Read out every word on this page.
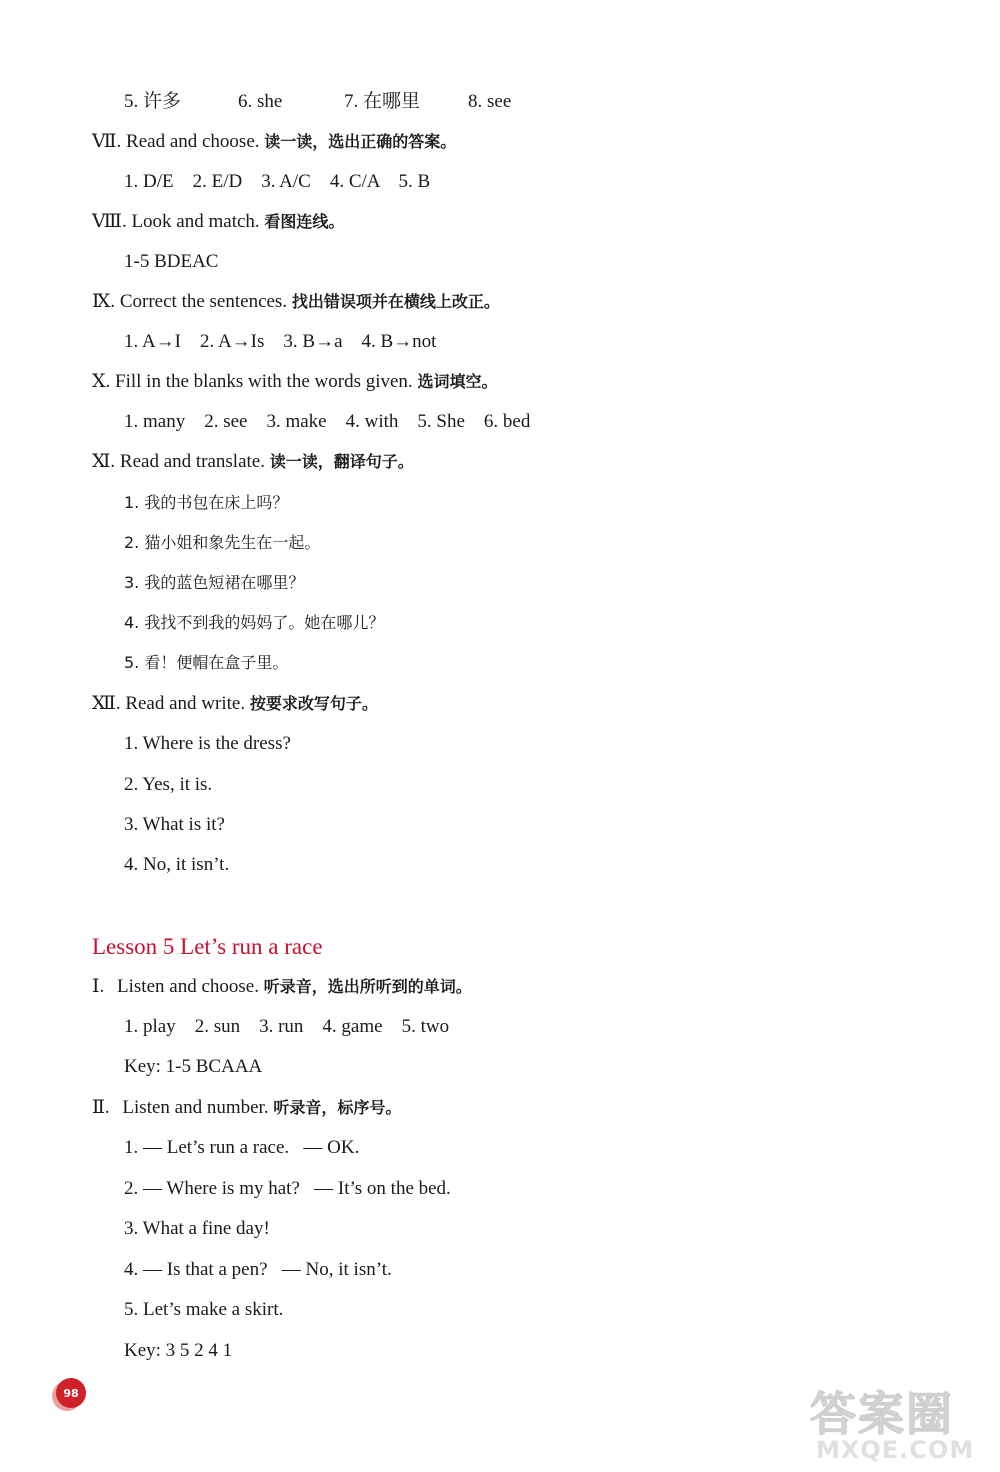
5. 许多	6. she	7. 在哪里	8. see
Ⅶ. Read and choose. 读一读，选出正确的答案。
1. D/E    2. E/D    3. A/C    4. C/A    5. B
Ⅷ. Look and match. 看图连线。
1-5 BDEAC
Ⅸ. Correct the sentences. 找出错误项并在横线上改正。
1. A→I    2. A→Is    3. B→a    4. B→not
Ⅹ. Fill in the blanks with the words given. 选词填空。
1. many    2. see    3. make    4. with    5. She    6. bed
Ⅺ. Read and translate. 读一读，翻译句子。
1. 我的书包在床上吗？
2. 猫小姐和象先生在一起。
3. 我的蓝色短裙在哪里？
4. 我找不到我的妈妈了。她在哪儿？
5. 看！便帽在盒子里。
Ⅻ. Read and write. 按要求改写句子。
1. Where is the dress?
2. Yes, it is.
3. What is it?
4. No, it isn’t.
Lesson 5 Let’s run a race
Ⅰ. Listen and choose. 听录音，选出所听到的单词。
1. play    2. sun    3. run    4. game    5. two
Key: 1-5 BCAAA
Ⅱ. Listen and number. 听录音，标序号。
1. — Let’s run a race.   — OK.
2. — Where is my hat?   — It’s on the bed.
3. What a fine day!
4. — Is that a pen?   — No, it isn’t.
5. Let’s make a skirt.
Key: 3 5 2 4 1
98	答案圈
MXQE.COM
